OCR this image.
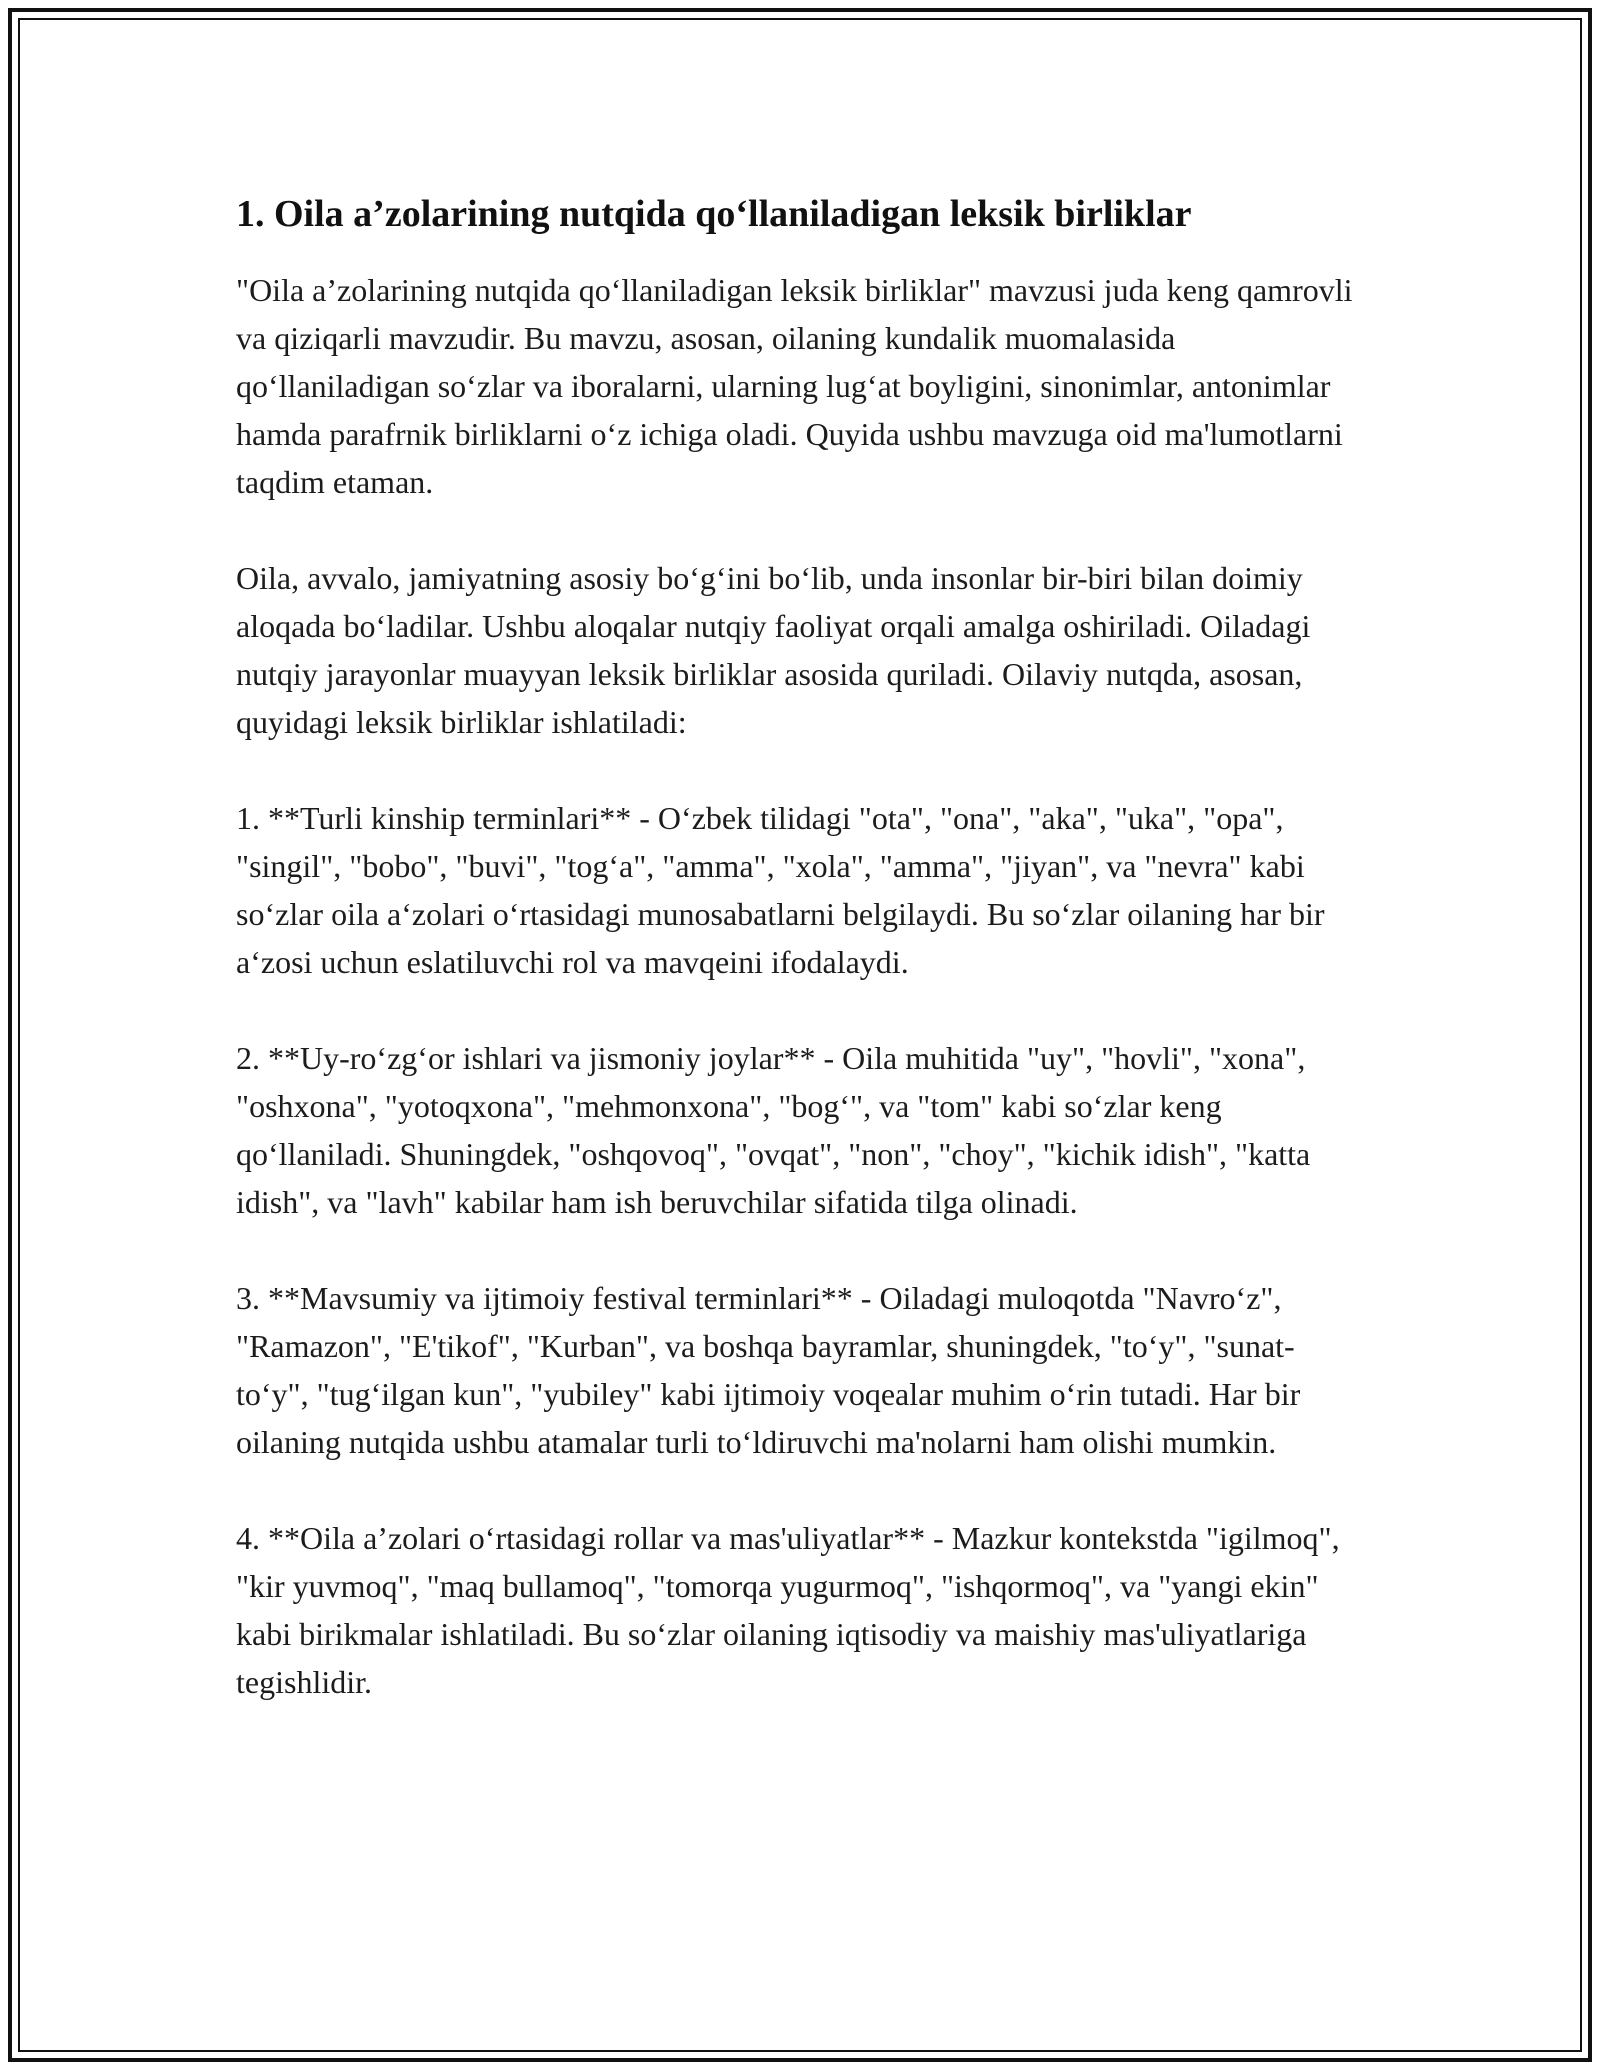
1. Oila a’zolarining nutqida qo‘llaniladigan leksik birliklar

"Oila a’zolarining nutqida qo‘llaniladigan leksik birliklar" mavzusi juda keng qamrovli va qiziqarli mavzudir. Bu mavzu, asosan, oilaning kundalik muomalasida qo‘llaniladigan so‘zlar va iboralarni, ularning lug‘at boyligini, sinonimlar, antonimlar hamda parafrnik birliklarni o‘z ichiga oladi. Quyida ushbu mavzuga oid ma'lumotlarni taqdim etaman.

Oila, avvalo, jamiyatning asosiy bo‘g‘ini bo‘lib, unda insonlar bir-biri bilan doimiy aloqada bo‘ladilar. Ushbu aloqalar nutqiy faoliyat orqali amalga oshiriladi. Oiladagi nutqiy jarayonlar muayyan leksik birliklar asosida quriladi. Oilaviy nutqda, asosan, quyidagi leksik birliklar ishlatiladi:

1. **Turli kinship terminlari** - O‘zbek tilidagi "ota", "ona", "aka", "uka", "opa", "singil", "bobo", "buvi", "tog‘a", "amma", "xola", "amma", "jiyan", va "nevra" kabi so‘zlar oila a‘zolari o‘rtasidagi munosabatlarni belgilaydi. Bu so‘zlar oilaning har bir a‘zosi uchun eslatiluvchi rol va mavqeini ifodalaydi.

2. **Uy-ro‘zg‘or ishlari va jismoniy joylar** - Oila muhitida "uy", "hovli", "xona", "oshxona", "yotoqxona", "mehmonxona", "bog‘", va "tom" kabi so‘zlar keng qo‘llaniladi. Shuningdek, "oshqovoq", "ovqat", "non", "choy", "kichik idish", "katta idish", va "lavh" kabilar ham ish beruvchilar sifatida tilga olinadi.

3. **Mavsumiy va ijtimoiy festival terminlari** - Oiladagi muloqotda "Navro‘z", "Ramazon", "E'tikof", "Kurban", va boshqa bayramlar, shuningdek, "to‘y", "sunat-to‘y", "tug‘ilgan kun", "yubiley" kabi ijtimoiy voqealar muhim o‘rin tutadi. Har bir oilaning nutqida ushbu atamalar turli to‘ldiruvchi ma'nolarni ham olishi mumkin.

4. **Oila a’zolari o‘rtasidagi rollar va mas'uliyatlar** - Mazkur kontekstda "igilmoq", "kir yuvmoq", "maq bullamoq", "tomorqa yugurmoq", "ishqormoq", va "yangi ekin" kabi birikmalar ishlatiladi. Bu so‘zlar oilaning iqtisodiy va maishiy mas'uliyatlariga tegishlidir.
